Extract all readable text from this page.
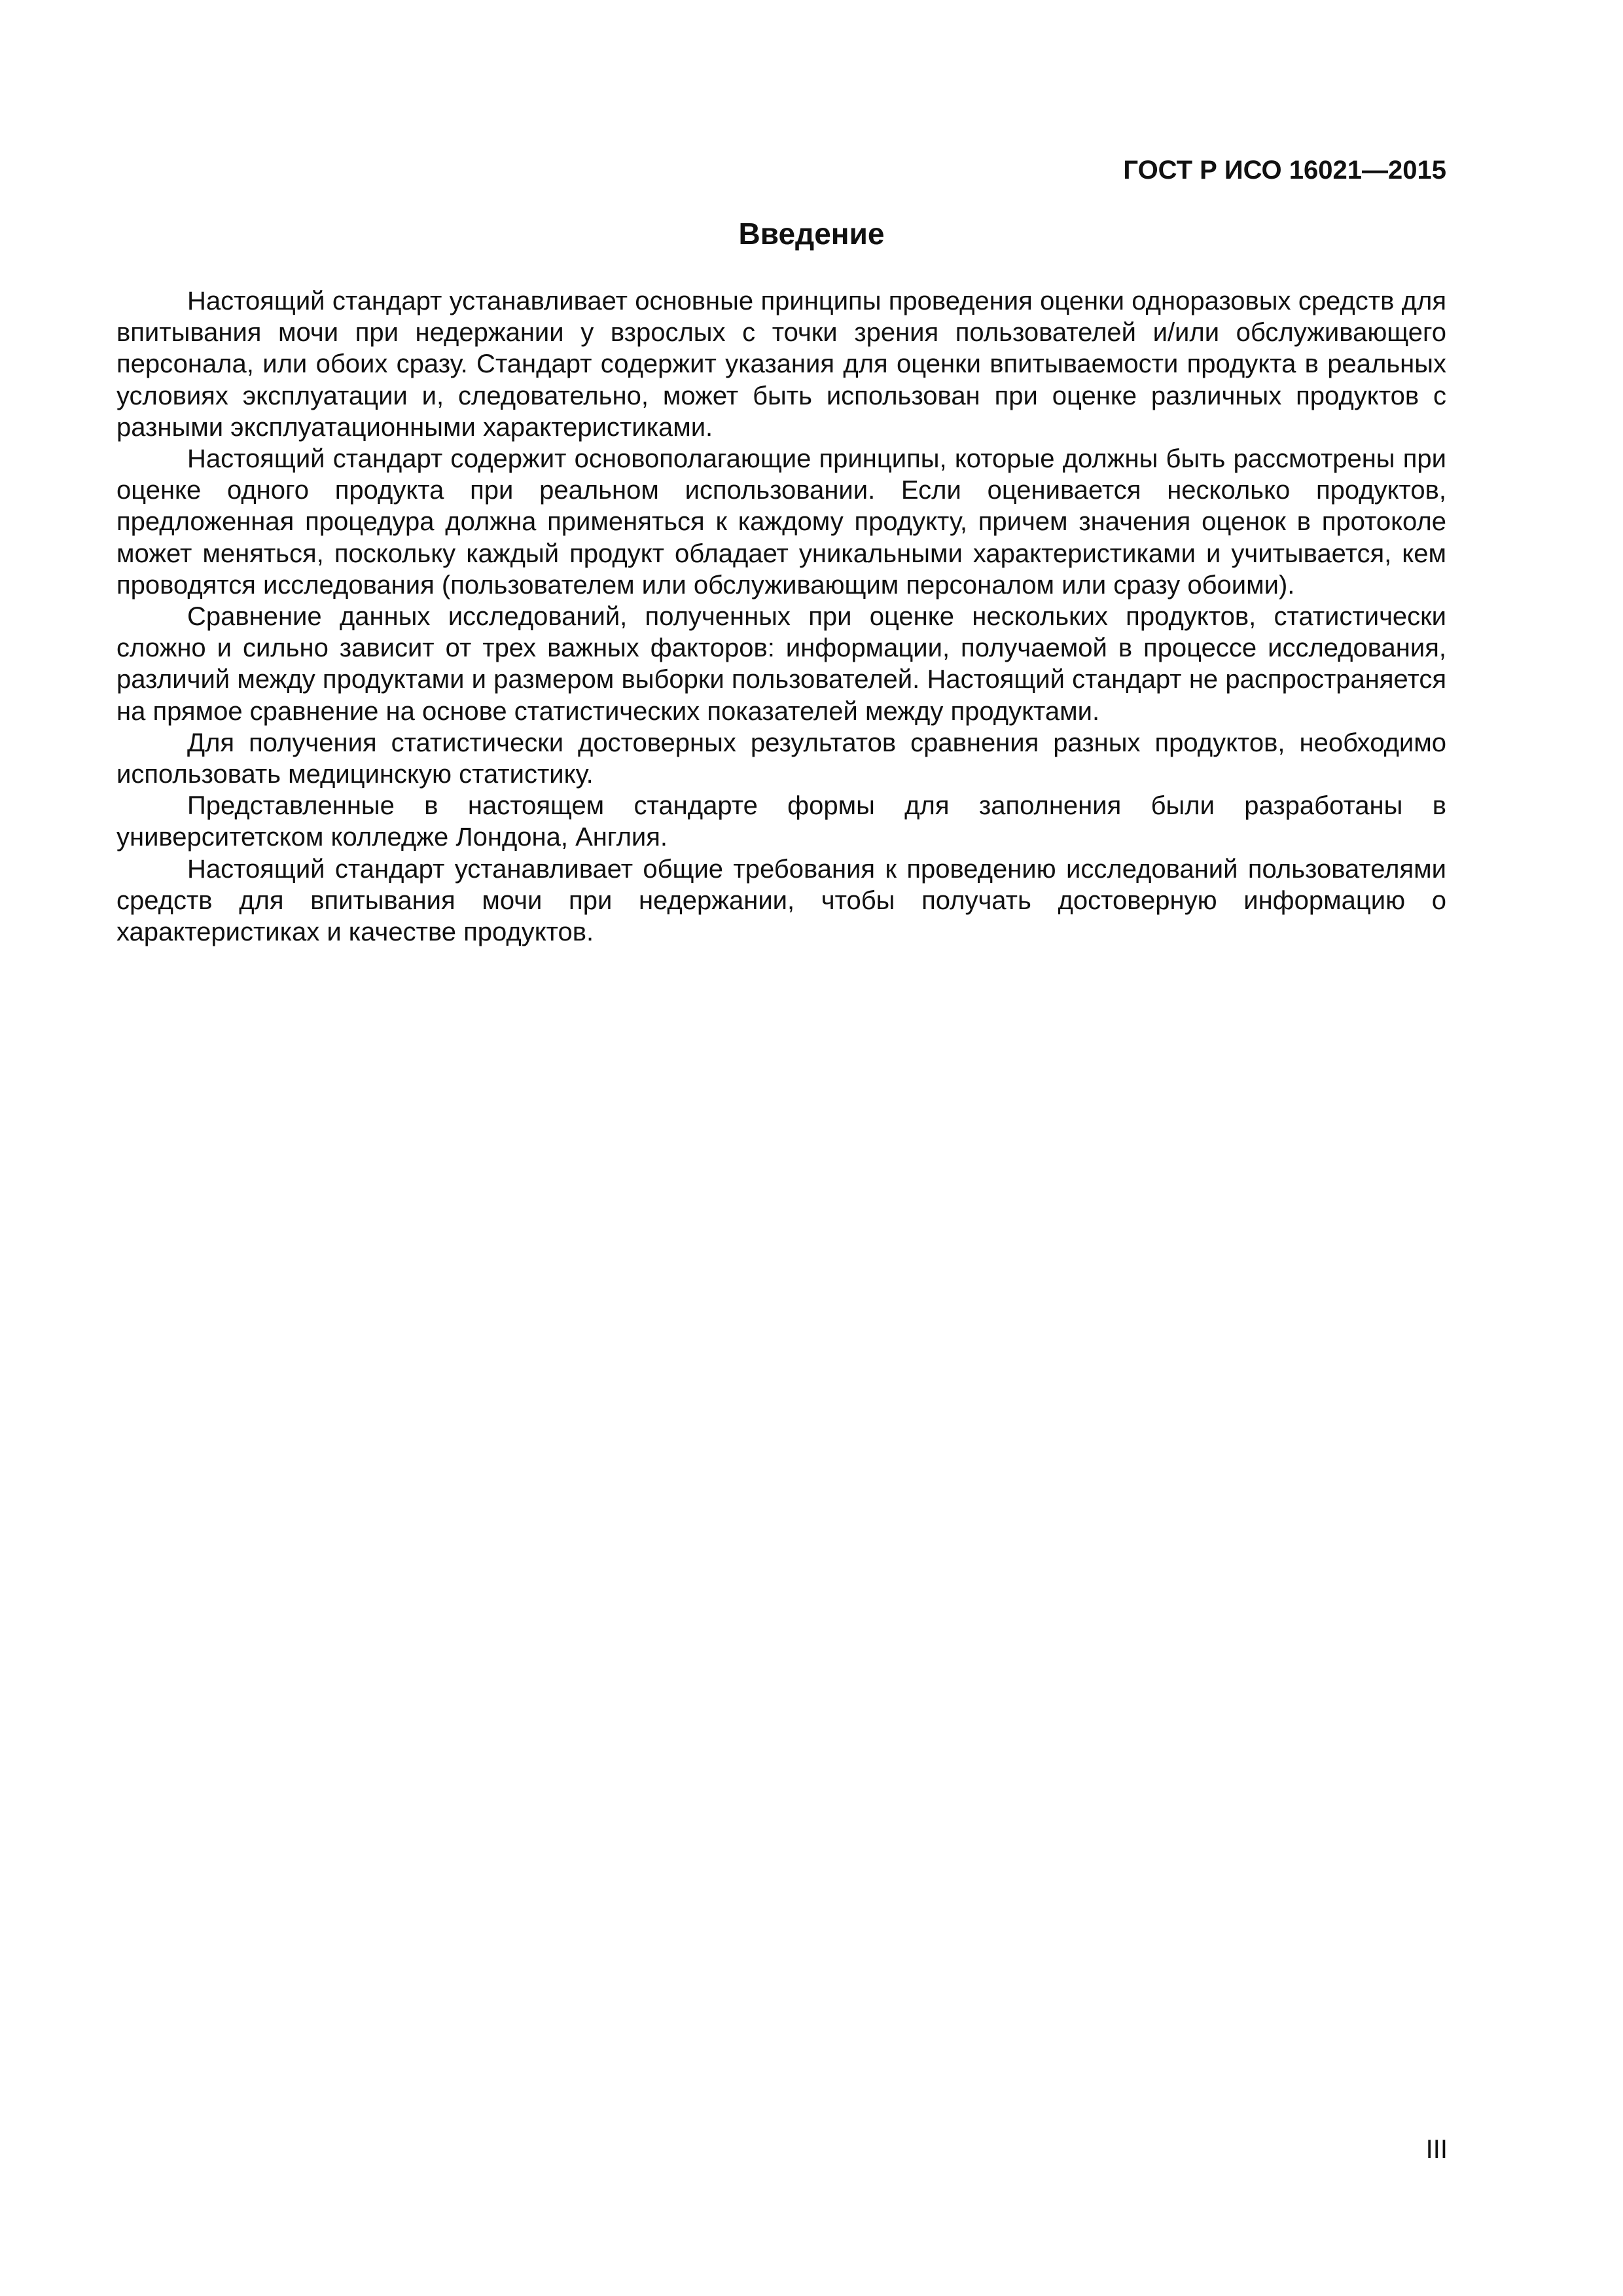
ГОСТ Р ИСО 16021—2015

Введение

Настоящий стандарт устанавливает основные принципы проведения оценки одноразовых средств для впитывания мочи при недержании у взрослых с точки зрения пользователей и/или обслуживающего персонала, или обоих сразу. Стандарт содержит указания для оценки впитываемости продукта в реальных условиях эксплуатации и, следовательно, может быть использован при оценке различных продуктов с разными эксплуатационными характеристиками.

Настоящий стандарт содержит основополагающие принципы, которые должны быть рассмотрены при оценке одного продукта при реальном использовании. Если оценивается несколько продуктов, предложенная процедура должна применяться к каждому продукту, причем значения оценок в протоколе может меняться, поскольку каждый продукт обладает уникальными характеристиками и учитывается, кем проводятся исследования (пользователем или обслуживающим персоналом или сразу обоими).

Сравнение данных исследований, полученных при оценке нескольких продуктов, статистически сложно и сильно зависит от трех важных факторов: информации, получаемой в процессе исследования, различий между продуктами и размером выборки пользователей. Настоящий стандарт не распространяется на прямое сравнение на основе статистических показателей между продуктами.

Для получения статистически достоверных результатов сравнения разных продуктов, необходимо использовать медицинскую статистику.

Представленные в настоящем стандарте формы для заполнения были разработаны в университетском колледже Лондона, Англия.

Настоящий стандарт устанавливает общие требования к проведению исследований пользователями средств для впитывания мочи при недержании, чтобы получать достоверную информацию о характеристиках и качестве продуктов.

III
